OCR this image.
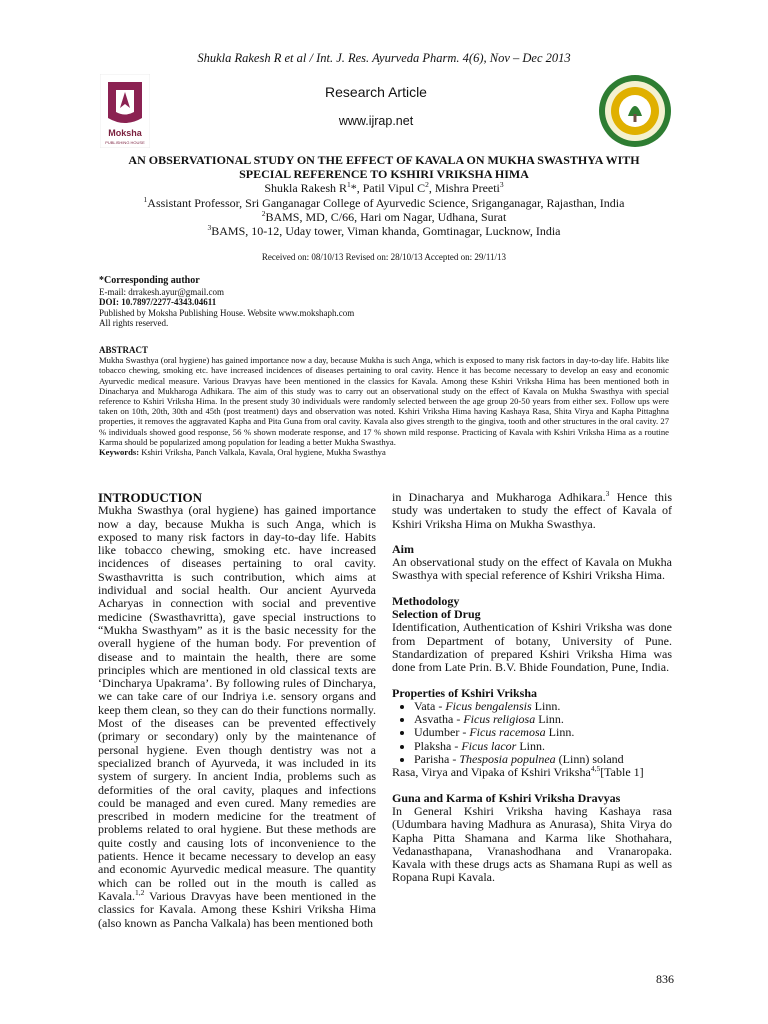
Shukla Rakesh R et al / Int. J. Res. Ayurveda Pharm. 4(6), Nov – Dec 2013
Moksha
PUBLISHING HOUSE
Research Article
www.ijrap.net
AN OBSERVATIONAL STUDY ON THE EFFECT OF KAVALA ON MUKHA SWASTHYA WITH
SPECIAL REFERENCE TO KSHIRI VRIKSHA HIMA
Shukla Rakesh $R^1*$, Patil Vipul $C^2$, Mishra Preeti$^3$
$^1$Assistant Professor, Sri Ganganagar College of Ayurvedic Science, Sriganganagar, Rajasthan, India
$^2$BAMS, MD, C/66, Hari om Nagar, Udhana, Surat
$^3$BAMS, 10-12, Uday tower, Viman khanda, Gomtinagar, Lucknow, India
Received on: 08/10/13 Revised on: 28/10/13 Accepted on: 29/11/13
*Corresponding author
E-mail: drrakesh.ayur@gmail.com
DOI: 10.7897/2277-4343.04611
Published by Moksha Publishing House. Website www.mokshaph.com
All rights reserved.
ABSTRACT

Mukha Swasthya (oral hygiene) has gained importance now a day, because Mukha is such Anga, which is exposed to many risk factors in day-to-day life. Habits like tobacco chewing, smoking etc. have increased incidences of diseases pertaining to oral cavity. Hence it has become necessary to develop an easy and economic Ayurvedic medical measure. Various Dravyas have been mentioned in the classics for Kavala. Among these Kshiri Vriksha Hima has been mentioned both in Dinacharya and Mukharoga Adhikara. The aim of this study was to carry out an observational study on the effect of Kavala on Mukha Swasthya with special reference to Kshiri Vriksha Hima. In the present study 30 individuals were randomly selected between the age group 20-50 years from either sex. Follow ups were taken on 10th, 20th, 30th and 45th (post treatment) days and observation was noted. Kshiri Vriksha Hima having Kashaya Rasa, Shita Virya and Kapha Pittaghna properties, it removes the aggravated Kapha and Pita Guna from oral cavity. Kavala also gives strength to the gingiva, tooth and other structures in the oral cavity. 27 % individuals showed good response, 56 % shown moderate response, and 17 % shown mild response. Practicing of Kavala with Kshiri Vriksha Hima as a routine Karma should be popularized among population for leading a better Mukha Swasthya.

Keywords: Kshiri Vriksha, Panch Valkala, Kavala, Oral hygiene, Mukha Swasthya

INTRODUCTION

Mukha Swasthya (oral hygiene) has gained importance now a day, because Mukha is such Anga, which is exposed to many risk factors in day-to-day life. Habits like tobacco chewing, smoking etc. have increased incidences of diseases pertaining to oral cavity. Swasthavritta is such contribution, which aims at individual and social health. Our ancient Ayurveda Acharyas in connection with social and preventive medicine (Swasthavritta), gave special instructions to “Mukha Swasthyam” as it is the basic necessity for the overall hygiene of the human body. For prevention of disease and to maintain the health, there are some principles which are mentioned in old classical texts are ‘Dincharya Upakrama’. By following rules of Dincharya, we can take care of our Indriya i.e. sensory organs and keep them clean, so they can do their functions normally. Most of the diseases can be prevented effectively (primary or secondary) only by the maintenance of personal hygiene. Even though dentistry was not a specialized branch of Ayurveda, it was included in its system of surgery. In ancient India, problems such as deformities of the oral cavity, plaques and infections could be managed and even cured. Many remedies are prescribed in modern medicine for the treatment of problems related to oral hygiene. But these methods are quite costly and causing lots of inconvenience to the patients. Hence it became necessary to develop an easy and economic Ayurvedic medical measure. The quantity which can be rolled out in the mouth is called as Kavala.$^{1,2}$ Various Dravyas have been mentioned in the classics for Kavala. Among these Kshiri Vriksha Hima (also known as Pancha Valkala) has been mentioned both

in Dinacharya and Mukharoga Adhikara.$^3$ Hence this study was undertaken to study the effect of Kavala of Kshiri Vriksha Hima on Mukha Swasthya.

Aim

An observational study on the effect of Kavala on Mukha Swasthya with special reference of Kshiri Vriksha Hima.

Methodology
Selection of Drug

Identification, Authentication of Kshiri Vriksha was done from Department of botany, University of Pune. Standardization of prepared Kshiri Vriksha Hima was done from Late Prin. B.V. Bhide Foundation, Pune, India.

Properties of Kshiri Vriksha
• Vata - Ficus bengalensis Linn.
• Asvatha - Ficus religiosa Linn.
• Udumber - Ficus racemosa Linn.
• Plaksha - Ficus lacor Linn.
• Parisha - Thesposia populnea (Linn) soland

Rasa, Virya and Vipaka of Kshiri Vriksha$^{4,5}$[Table 1]

Guna and Karma of Kshiri Vriksha Dravyas

In General Kshiri Vriksha having Kashaya rasa (Udumbara having Madhura as Anurasa), Shita Virya do Kapha Pitta Shamana and Karma like Shothahara, Vedanasthapana, Vranashodhana and Vranaropaka. Kavala with these drugs acts as Shamana Rupi as well as Ropana Rupi Kavala.

836
